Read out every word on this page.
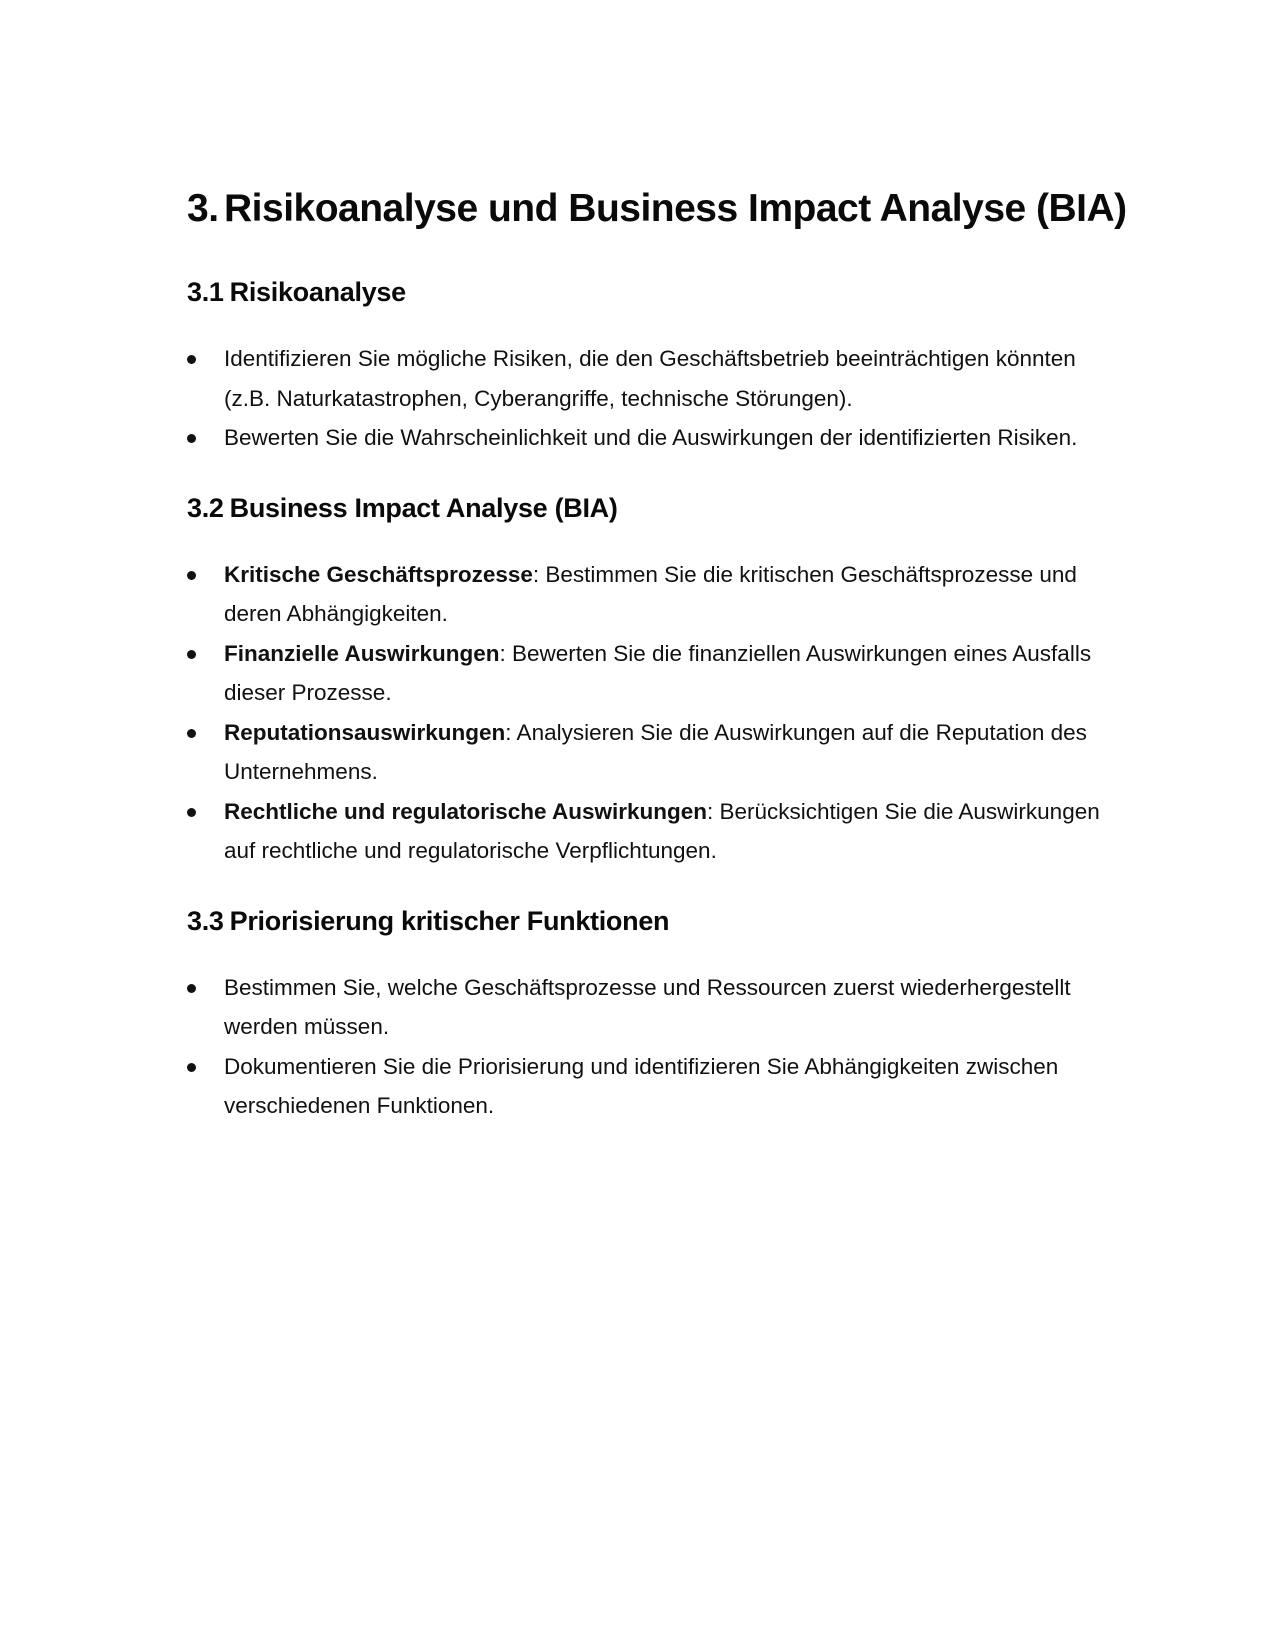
3. Risikoanalyse und Business Impact Analyse (BIA)
3.1 Risikoanalyse
Identifizieren Sie mögliche Risiken, die den Geschäftsbetrieb beeinträchtigen könnten (z.B. Naturkatastrophen, Cyberangriffe, technische Störungen).
Bewerten Sie die Wahrscheinlichkeit und die Auswirkungen der identifizierten Risiken.
3.2 Business Impact Analyse (BIA)
Kritische Geschäftsprozesse: Bestimmen Sie die kritischen Geschäftsprozesse und deren Abhängigkeiten.
Finanzielle Auswirkungen: Bewerten Sie die finanziellen Auswirkungen eines Ausfalls dieser Prozesse.
Reputationsauswirkungen: Analysieren Sie die Auswirkungen auf die Reputation des Unternehmens.
Rechtliche und regulatorische Auswirkungen: Berücksichtigen Sie die Auswirkungen auf rechtliche und regulatorische Verpflichtungen.
3.3 Priorisierung kritischer Funktionen
Bestimmen Sie, welche Geschäftsprozesse und Ressourcen zuerst wiederhergestellt werden müssen.
Dokumentieren Sie die Priorisierung und identifizieren Sie Abhängigkeiten zwischen verschiedenen Funktionen.
